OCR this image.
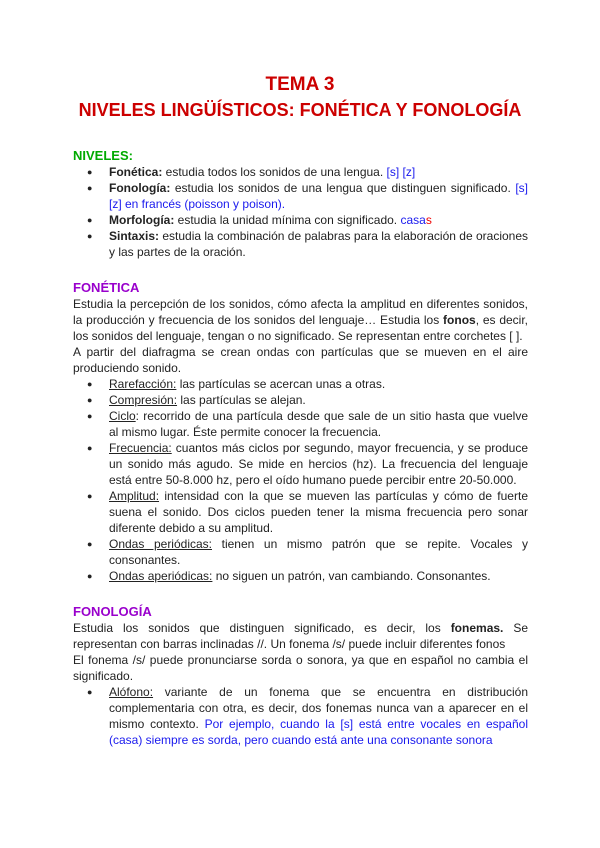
TEMA 3
NIVELES LINGÜÍSTICOS: FONÉTICA Y FONOLOGÍA
NIVELES:
● Fonética: estudia todos los sonidos de una lengua. [s] [z]
● Fonología: estudia los sonidos de una lengua que distinguen significado. [s] [z] en francés (poisson y poison).
● Morfología: estudia la unidad mínima con significado. casas
● Sintaxis: estudia la combinación de palabras para la elaboración de oraciones y las partes de la oración.
FONÉTICA

Estudia la percepción de los sonidos, cómo afecta la amplitud en diferentes sonidos, la producción y frecuencia de los sonidos del lenguaje… Estudia los fonos, es decir, los sonidos del lenguaje, tengan o no significado. Se representan entre corchetes [ ].

A partir del diafragma se crean ondas con partículas que se mueven en el aire produciendo sonido.

● Rarefacción: las partículas se acercan unas a otras.
● Compresión: las partículas se alejan.
● Ciclo: recorrido de una partícula desde que sale de un sitio hasta que vuelve al mismo lugar. Éste permite conocer la frecuencia.
● Frecuencia: cuantos más ciclos por segundo, mayor frecuencia, y se produce un sonido más agudo. Se mide en hercios (hz). La frecuencia del lenguaje está entre 50-8.000 hz, pero el oído humano puede percibir entre 20-50.000.
● Amplitud: intensidad con la que se mueven las partículas y cómo de fuerte suena el sonido. Dos ciclos pueden tener la misma frecuencia pero sonar diferente debido a su amplitud.
● Ondas periódicas: tienen un mismo patrón que se repite. Vocales y consonantes.
● Ondas aperiódicas: no siguen un patrón, van cambiando. Consonantes.
FONOLOGÍA

Estudia los sonidos que distinguen significado, es decir, los fonemas. Se representan con barras inclinadas //. Un fonema /s/ puede incluir diferentes fonos

El fonema /s/ puede pronunciarse sorda o sonora, ya que en español no cambia el significado.

● Alófono: variante de un fonema que se encuentra en distribución complementaria con otra, es decir, dos fonemas nunca van a aparecer en el mismo contexto. Por ejemplo, cuando la [s] está entre vocales en español (casa) siempre es sorda, pero cuando está ante una consonante sonora
